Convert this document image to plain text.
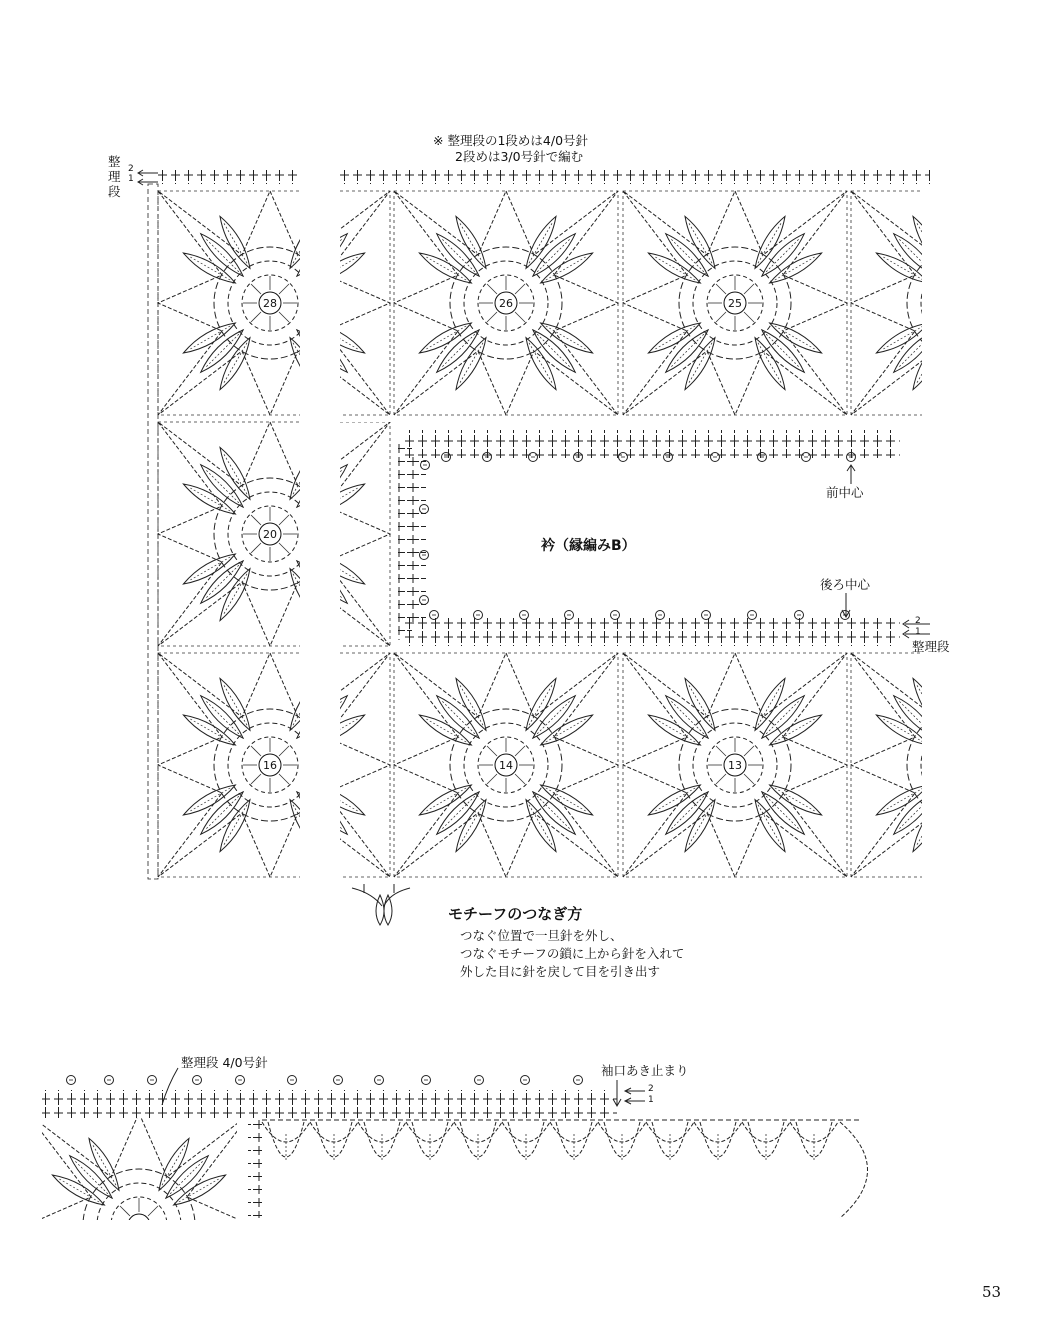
28	26	25
20
16	14	13
※ 整理段の1段めは4/0号針
2段めは3/0号針で編む
整理段
2
1
前中心
衿（縁編みB）
後ろ中心
2
1
整理段
モチーフのつなぎ方
つなぐ位置で一旦針を外し、
つなぐモチーフの鎖に上から針を入れて
外した目に針を戻して目を引き出す
整理段 4/0号針
袖口あき止まり
2
1
53
